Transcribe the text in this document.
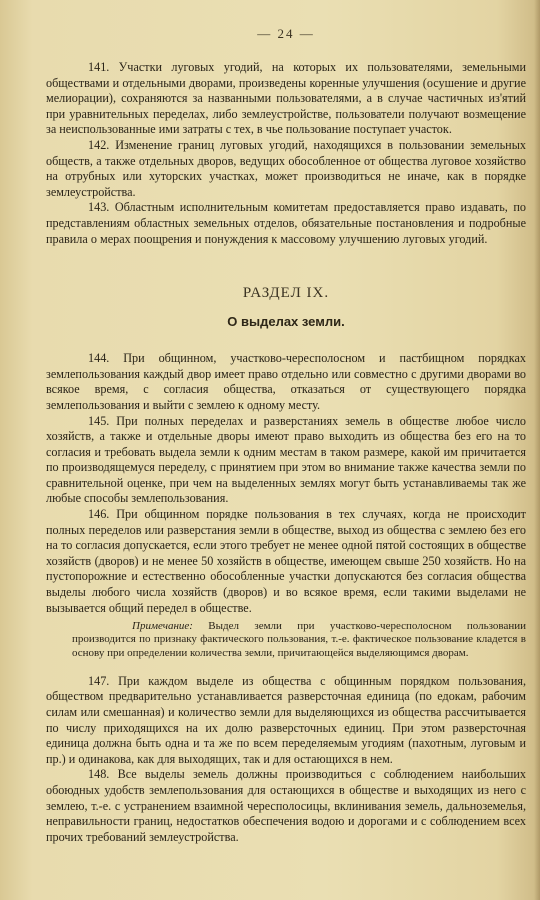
— 24 —

141. Участки луговых угодий, на которых их пользователями, земельными обществами и отдельными дворами, произведены коренные улучшения (осушение и другие мелиорации), сохраняются за названными пользователями, а в случае частичных из'ятий при уравнительных переделах, либо землеустройстве, пользователи получают возмещение за неиспользованные ими затраты с тех, в чье пользование поступает участок.

142. Изменение границ луговых угодий, находящихся в пользовании земельных обществ, а также отдельных дворов, ведущих обособленное от общества луговое хозяйство на отрубных или хуторских участках, может производиться не иначе, как в порядке землеустройства.

143. Областным исполнительным комитетам предоставляется право издавать, по представлениям областных земельных отделов, обязательные постановления и подробные правила о мерах поощрения и понуждения к массовому улучшению луговых угодий.

РАЗДЕЛ IX.
О выделах земли.

144. При общинном, участково-чересполосном и пастбищном порядках землепользования каждый двор имеет право отдельно или совместно с другими дворами во всякое время, с согласия общества, отказаться от существующего порядка землепользования и выйти с землею к одному месту.

145. При полных переделах и разверстаниях земель в обществе любое число хозяйств, а также и отдельные дворы имеют право выходить из общества без его на то согласия и требовать выдела земли к одним местам в таком размере, какой им причитается по производящемуся переделу, с принятием при этом во внимание также качества земли по сравнительной оценке, при чем на выделенных землях могут быть устанавливаемы так же любые способы землепользования.

146. При общинном порядке пользования в тех случаях, когда не происходит полных переделов или разверстания земли в обществе, выход из общества с землею без его на то согласия допускается, если этого требует не менее одной пятой состоящих в обществе хозяйств (дворов) и не менее 50 хозяйств в обществе, имеющем свыше 250 хозяйств. Но на пустопорожние и естественно обособленные участки допускаются без согласия общества выделы любого числа хозяйств (дворов) и во всякое время, если такими выделами не вызывается общий передел в обществе.

Примечание: Выдел земли при участково-чересполосном пользовании производится по признаку фактического пользования, т.-е. фактическое пользование кладется в основу при определении количества земли, причитающейся выделяющимся дворам.

147. При каждом выделе из общества с общинным порядком пользования, обществом предварительно устанавливается разверсточная единица (по едокам, рабочим силам или смешанная) и количество земли для выделяющихся из общества рассчитывается по числу приходящихся на их долю разверсточных единиц. При этом разверсточная единица должна быть одна и та же по всем переделяемым угодиям (пахотным, луговым и пр.) и одинакова, как для выходящих, так и для остающихся в нем.

148. Все выделы земель должны производиться с соблюдением наибольших обоюдных удобств землепользования для остающихся в обществе и выходящих из него с землею, т.-е. с устранением взаимной чересполосицы, вклинивания земель, дальноземелья, неправильности границ, недостатков обеспечения водою и дорогами и с соблюдением всех прочих требований землеустройства.
